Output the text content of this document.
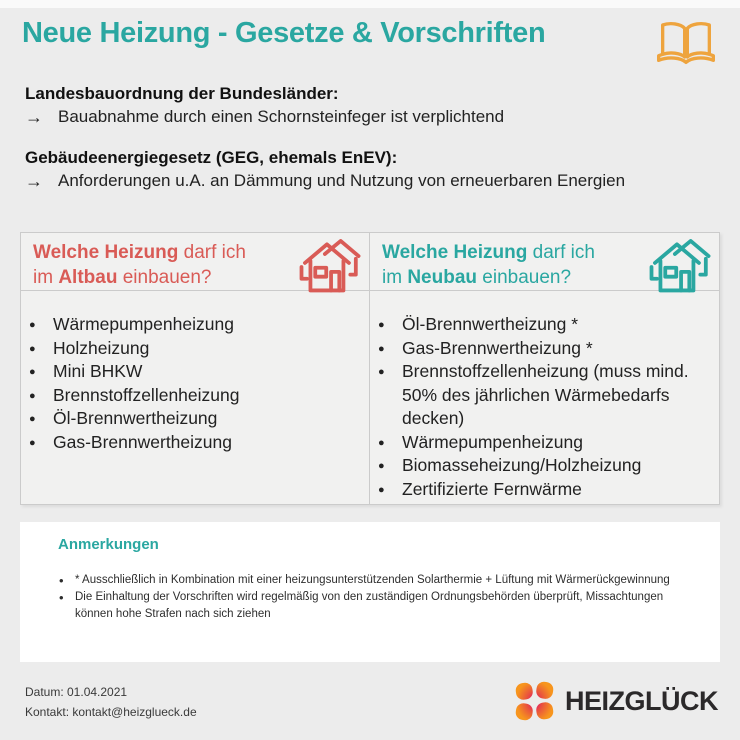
Neue Heizung - Gesetze & Vorschriften
Landesbauordnung der Bundesländer:
→ Bauabnahme durch einen Schornsteinfeger ist verplichtend
Gebäudeenergiegesetz (GEG, ehemals EnEV):
→ Anforderungen u.A. an Dämmung und Nutzung von erneuerbaren Energien
Welche Heizung darf ich
im Altbau einbauen?
Welche Heizung darf ich
im Neubau einbauen?
● Wärmepumpenheizung
● Holzheizung
● Mini BHKW
● Brennstoffzellenheizung
● Öl-Brennwertheizung
● Gas-Brennwertheizung
● Öl-Brennwertheizung *
● Gas-Brennwertheizung *
● Brennstoffzellenheizung (muss mind. 50% des jährlichen Wärmebedarfs decken)
● Wärmepumpenheizung
● Biomasseheizung/Holzheizung
● Zertifizierte Fernwärme
Anmerkungen
• * Ausschließlich in Kombination mit einer heizungsunterstützenden Solarthermie + Lüftung mit Wärmerückgewinnung
• Die Einhaltung der Vorschriften wird regelmäßig von den zuständigen Ordnungsbehörden überprüft, Missachtungen können hohe Strafen nach sich ziehen
Datum: 01.04.2021
Kontakt: kontakt@heizglueck.de	HEIZGLÜCK
